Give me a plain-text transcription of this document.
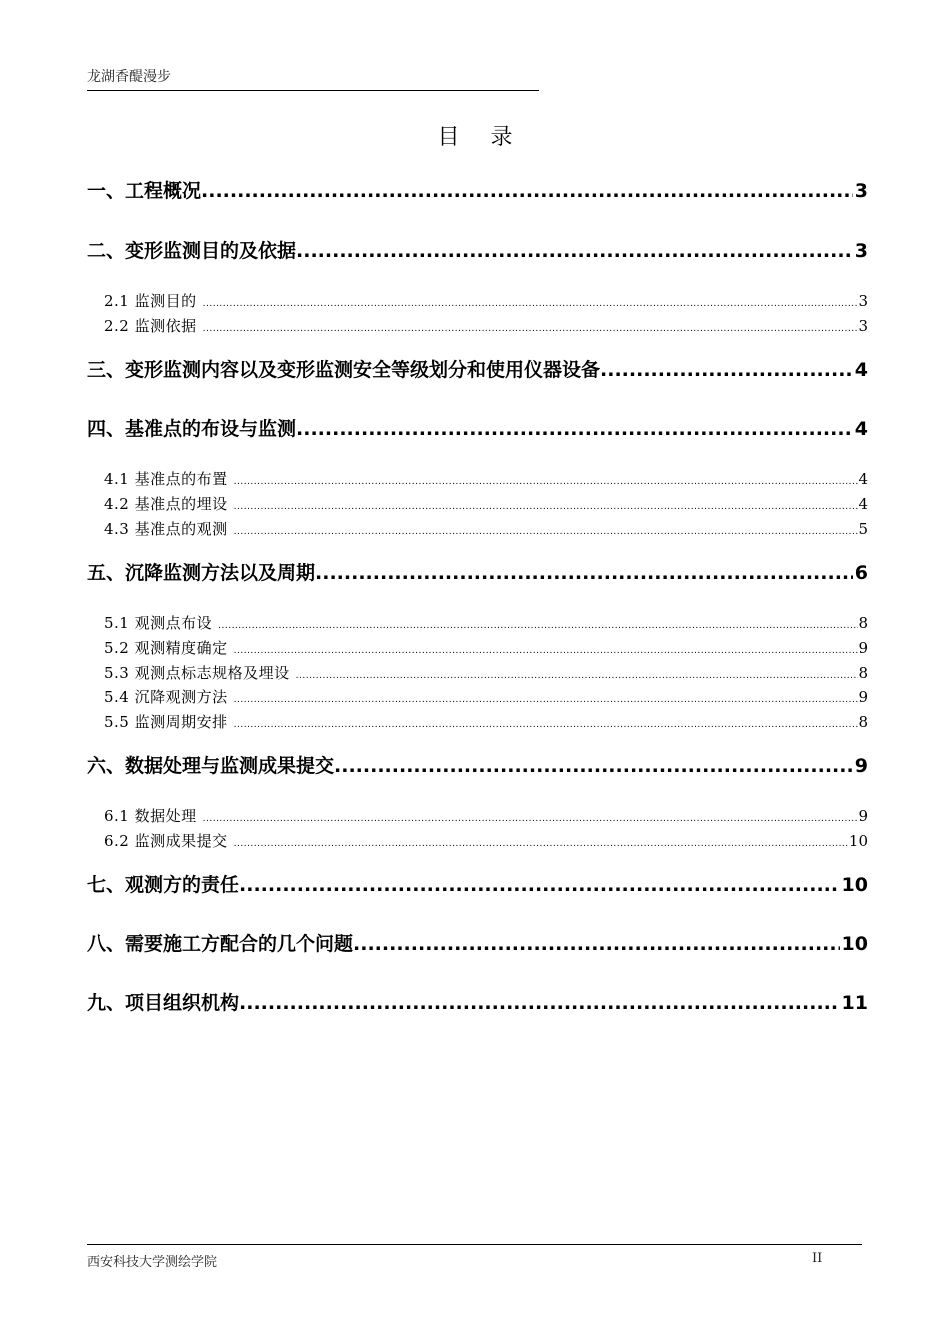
龙湖香醍漫步
目 录
一、工程概况 .....	3
二、变形监测目的及依据 .....	3
2.1 监测目的 .....	3
2.2 监测依据 .....	3
三、变形监测内容以及变形监测安全等级划分和使用仪器设备 .....	4
四、基准点的布设与监测 .....	4
4.1 基准点的布置 .....	4
4.2 基准点的埋设 .....	4
4.3 基准点的观测 .....	5
五、沉降监测方法以及周期 .....	6
5.1 观测点布设 .....	8
5.2 观测精度确定 .....	9
5.3 观测点标志规格及埋设 .....	8
5.4 沉降观测方法 .....	9
5.5 监测周期安排 .....	8
六、数据处理与监测成果提交 .....	9
6.1 数据处理 .....	9
6.2 监测成果提交 .....	10
七、观测方的责任 .....	10
八、需要施工方配合的几个问题 .....	10
九、项目组织机构 .....	11
西安科技大学测绘学院	II
